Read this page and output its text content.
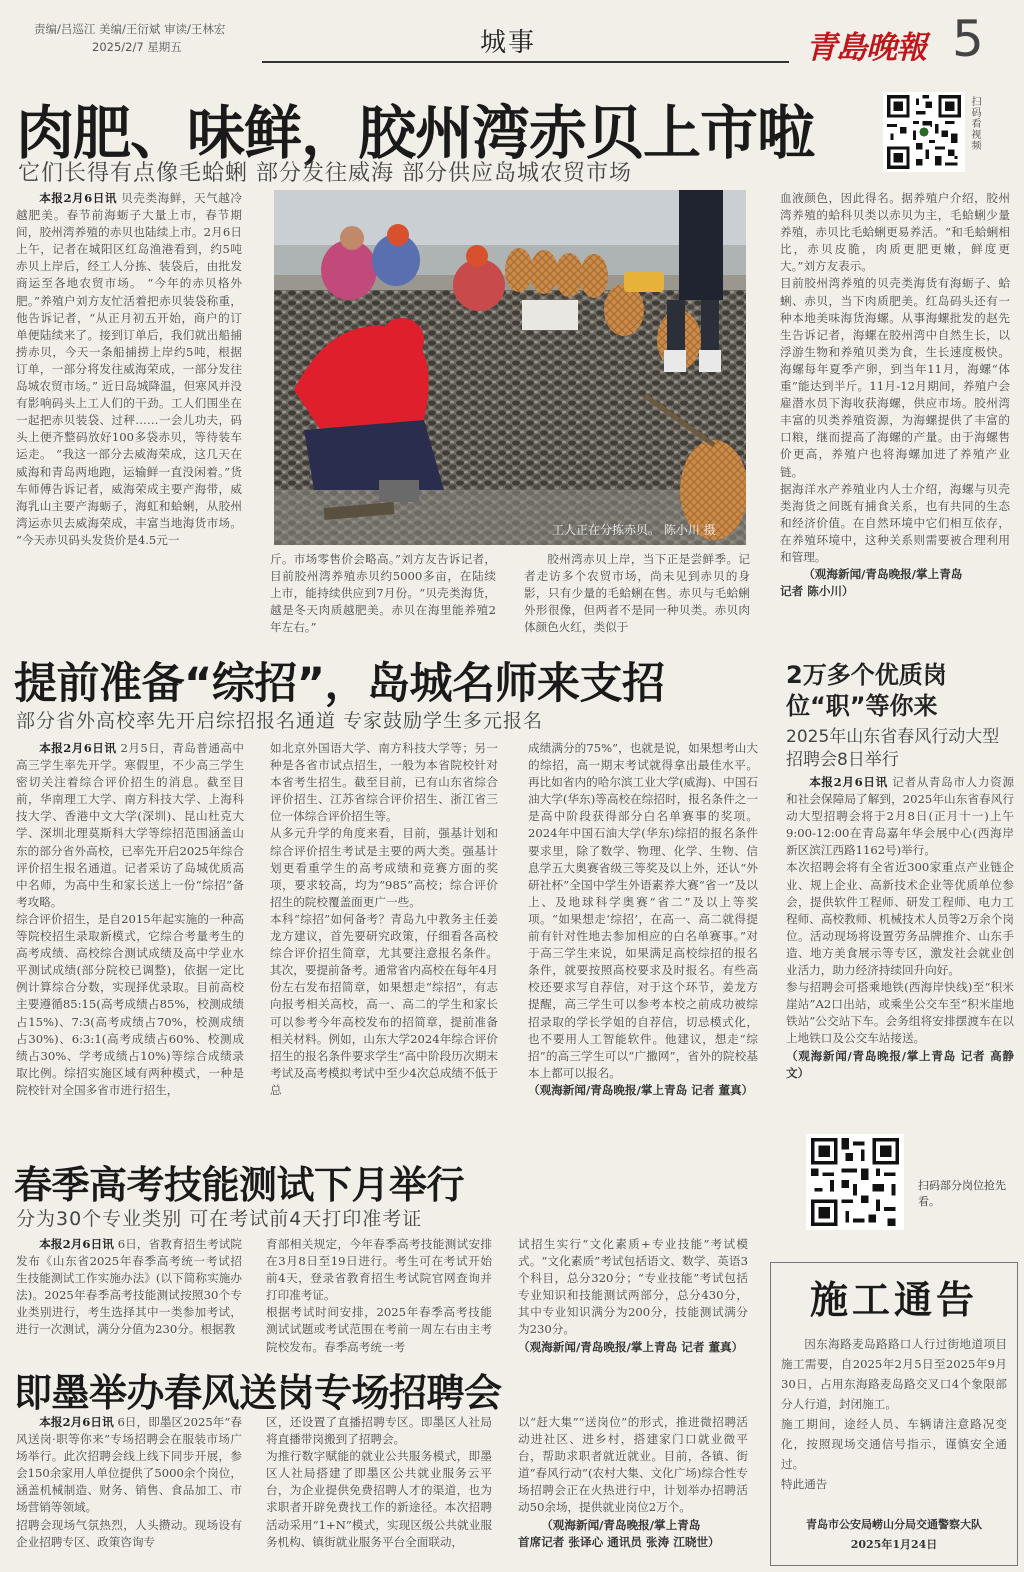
责编/吕巡江 美编/王衍斌 审读/王林宏
2025/2/7 星期五	城事	青島晚報 5
肉肥、味鲜，胶州湾赤贝上市啦
它们长得有点像毛蛤蜊 部分发往威海 部分供应岛城农贸市场
扫码看视频

本报2月6日讯 贝壳类海鲜，天气越冷越肥美。春节前海蛎子大量上市，春节期间，胶州湾养殖的赤贝也陆续上市。2月6日上午，记者在城阳区红岛渔港看到，约5吨赤贝上岸后，经工人分拣、装袋后，由批发商运至各地农贸市场。 “今年的赤贝格外肥。”养殖户刘方友忙活着把赤贝装袋称重，他告诉记者，“从正月初五开始，商户的订单便陆续来了。接到订单后，我们就出船捕捞赤贝，今天一条船捕捞上岸约5吨，根据订单，一部分将发往威海荣成，一部分发往岛城农贸市场。” 近日岛城降温，但寒风并没有影响码头上工人们的干劲。工人们围坐在一起把赤贝装袋、过秤……一会儿功夫，码头上便齐整码放好100多袋赤贝，等待装车运走。 “我这一部分去威海荣成，这几天在威海和青岛两地跑，运输鲜一直没闲着。”货车师傅告诉记者，威海荣成主要产海带，威海乳山主要产海蛎子，海虹和蛤蜊，从胶州湾运赤贝去威海荣成，丰富当地海货市场。 “今天赤贝码头发货价是4.5元一

工人正在分拣赤贝。 陈小川 摄

斤。市场零售价会略高。”刘方友告诉记者，目前胶州湾养殖赤贝约5000多亩，在陆续上市，能持续供应到7月份。“贝壳类海货，越是冬天肉质越肥美。赤贝在海里能养殖2年左右。”

胶州湾赤贝上岸，当下正是尝鲜季。记者走访多个农贸市场，尚未见到赤贝的身影，只有少量的毛蛤蜊在售。赤贝与毛蛤蜊外形很像，但两者不是同一种贝类。赤贝肉体颜色火红，类似于

血液颜色，因此得名。据养殖户介绍，胶州湾养殖的蛤科贝类以赤贝为主，毛蛤蜊少量养殖，赤贝比毛蛤蜊更易养活。“和毛蛤蜊相比，赤贝皮脆，肉质更肥更嫩，鲜度更大。”刘方友表示。
目前胶州湾养殖的贝壳类海货有海蛎子、蛤蜊、赤贝，当下肉质肥美。红岛码头还有一种本地美味海货海螺。从事海螺批发的赵先生告诉记者，海螺在胶州湾中自然生长，以浮游生物和养殖贝类为食，生长速度极快。海螺每年夏季产卵，到当年11月，海螺“体重”能达到半斤。11月-12月期间，养殖户会雇潜水员下海收获海螺，供应市场。胶州湾丰富的贝类养殖资源，为海螺提供了丰富的口粮，继而提高了海螺的产量。由于海螺售价更高，养殖户也将海螺加进了养殖产业链。
据海洋水产养殖业内人士介绍，海螺与贝壳类海货之间既有捕食关系，也有共同的生态和经济价值。在自然环境中它们相互依存，在养殖环境中，这种关系则需要被合理利用和管理。

（观海新闻/青岛晚报/掌上青岛
记者 陈小川）
提前准备“综招”，岛城名师来支招
部分省外高校率先开启综招报名通道 专家鼓励学生多元报名

本报2月6日讯 2月5日，青岛普通高中高三学生率先开学。寒假里，不少高三学生密切关注着综合评价招生的消息。截至目前，华南理工大学、南方科技大学、上海科技大学、香港中文大学(深圳)、昆山杜克大学、深圳北理莫斯科大学等综招范围涵盖山东的部分省外高校，已率先开启2025年综合评价招生报名通道。记者采访了岛城优质高中名师，为高中生和家长送上一份“综招”备考攻略。
综合评价招生，是自2015年起实施的一种高等院校招生录取新模式，它综合考量考生的高考成绩、高校综合测试成绩及高中学业水平测试成绩(部分院校已调整)，依据一定比例计算综合分数，实现择优录取。目前高校主要遵循85:15(高考成绩占85%，校测成绩占15%)、7:3(高考成绩占70%，校测成绩占30%)、6:3:1(高考成绩占60%、校测成绩占30%、学考成绩占10%)等综合成绩录取比例。综招实施区域有两种模式，一种是院校针对全国多省市进行招生，

如北京外国语大学、南方科技大学等；另一种是各省市试点招生，一般为本省院校针对本省考生招生。截至目前，已有山东省综合评价招生、江苏省综合评价招生、浙江省三位一体综合评价招生等。
从多元升学的角度来看，目前，强基计划和综合评价招生考试是主要的两大类。强基计划更看重学生的高考成绩和竞赛方面的奖项，要求较高，均为“985”高校；综合评价招生的院校覆盖面更广一些。
本科“综招”如何备考？青岛九中教务主任姜龙方建议，首先要研究政策，仔细看各高校综合评价招生简章，尤其要注意报名条件。其次，要提前备考。通常省内高校在每年4月份左右发布招简章，如果想走“综招”，有志向报考相关高校，高一、高二的学生和家长可以参考今年高校发布的招简章，提前准备相关材料。例如，山东大学2024年综合评价招生的报名条件要求学生“高中阶段历次期末考试及高考模拟考试中至少4次总成绩不低于总

成绩满分的75%”，也就是说，如果想考山大的综招，高一期末考试就得拿出最佳水平。再比如省内的哈尔滨工业大学(威海)、中国石油大学(华东)等高校在综招时，报名条件之一是高中阶段获得部分白名单赛事的奖项。2024年中国石油大学(华东)综招的报名条件要求里，除了数学、物理、化学、生物、信息学五大奥赛省级三等奖及以上外，还认“外研社杯”全国中学生外语素养大赛“省一”及以上、及地球科学奥赛“省二”及以上等奖项。“如果想走‘综招’，在高一、高二就得提前有针对性地去参加相应的白名单赛事。”对于高三学生来说，如果满足高校综招的报名条件，就要按照高校要求及时报名。有些高校还要求写自荐信，对于这个环节，姜龙方提醒，高三学生可以参考本校之前成功被综招录取的学长学姐的自荐信，切忌模式化，也不要用人工智能软件。他建议，想走“综招”的高三学生可以“广撒网”，省外的院校基本上都可以报名。

（观海新闻/青岛晚报/掌上青岛 记者 董真）
2万多个优质岗位“职”等你来
2025年山东省春风行动大型招聘会8日举行

本报2月6日讯 记者从青岛市人力资源和社会保障局了解到，2025年山东省春风行动大型招聘会将于2月8日(正月十一)上午9:00-12:00在青岛嘉年华会展中心(西海岸新区滨江西路1162号)举行。
本次招聘会将有全省近300家重点产业链企业、规上企业、高新技术企业等优质单位参会，提供软件工程师、研发工程师、电力工程师、高校教师、机械技术人员等2万余个岗位。活动现场将设置劳务品牌推介、山东手造、地方美食展示等专区，激发社会就业创业活力，助力经济持续回升向好。
参与招聘会可搭乘地铁(西海岸快线)至“积米崖站”A2口出站，或乘坐公交车至“积米崖地铁站”公交站下车。会务组将安排摆渡车在以上地铁口及公交车站接送。

（观海新闻/青岛晚报/掌上青岛 记者 高静文）
扫码部分岗位抢先看。
春季高考技能测试下月举行
分为30个专业类别 可在考试前4天打印准考证

本报2月6日讯 6日，省教育招生考试院发布《山东省2025年春季高考统一考试招生技能测试工作实施办法》(以下简称实施办法)。2025年春季高考技能测试按照30个专业类别进行，考生选择其中一类参加考试，进行一次测试，满分分值为230分。根据教

育部相关规定，今年春季高考技能测试安排在3月8日至19日进行。考生可在考试开始前4天，登录省教育招生考试院官网查询并打印准考证。
根据考试时间安排，2025年春季高考技能测试试题或考试范围在考前一周左右由主考院校发布。春季高考统一考

试招生实行“文化素质+专业技能”考试模式。“文化素质”考试包括语文、数学、英语3个科目，总分320分；“专业技能”考试包括专业知识和技能测试两部分，总分430分，其中专业知识满分为200分，技能测试满分为230分。

（观海新闻/青岛晚报/掌上青岛 记者 董真）
施工通告

因东海路麦岛路路口人行过街地道项目施工需要，自2025年2月5日至2025年9月30日，占用东海路麦岛路交叉口4个象限部分人行道，封闭施工。
施工期间，途经人员、车辆请注意路况变化，按照现场交通信号指示，谨慎安全通过。
特此通告

青岛市公安局崂山分局交通警察大队
2025年1月24日
即墨举办春风送岗专场招聘会

本报2月6日讯 6日，即墨区2025年“春风送岗·职等你来”专场招聘会在服装市场广场举行。此次招聘会线上线下同步开展，参会150余家用人单位提供了5000余个岗位，涵盖机械制造、财务、销售、食品加工、市场营销等领域。
招聘会现场气氛热烈，人头攒动。现场设有企业招聘专区、政策咨询专

区，还设置了直播招聘专区。即墨区人社局将直播带岗搬到了招聘会。
为推行数字赋能的就业公共服务模式，即墨区人社局搭建了即墨区公共就业服务云平台，为企业提供免费招聘人才的渠道，也为求职者开辟免费找工作的新途径。本次招聘活动采用“1+N”模式，实现区级公共就业服务机构、镇街就业服务平台全面联动，

以“赶大集”“送岗位”的形式，推进微招聘活动进社区、进乡村，搭建家门口就业微平台，帮助求职者就近就业。目前，各镇、街道“春风行动”(农村大集、文化广场)综合性专场招聘会正在火热进行中，计划举办招聘活动50余场，提供就业岗位2万个。

（观海新闻/青岛晚报/掌上青岛
首席记者 张译心 通讯员 张涛 江晓世）
